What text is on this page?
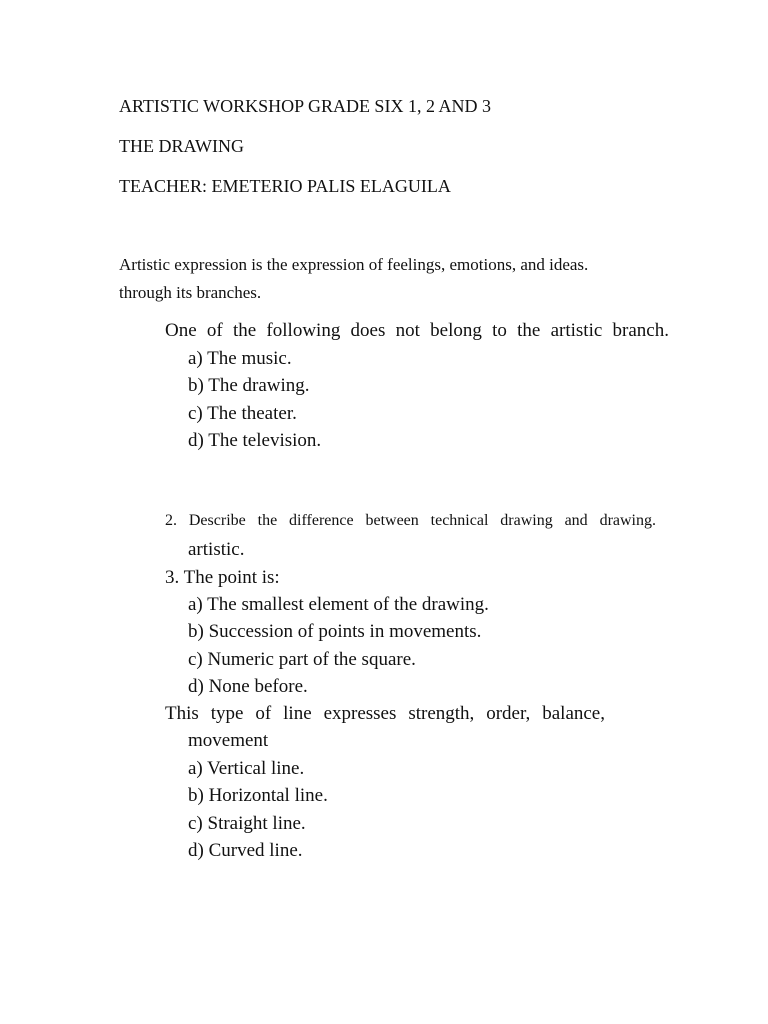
ARTISTIC WORKSHOP GRADE SIX 1, 2 AND 3
THE DRAWING
TEACHER: EMETERIO PALIS ELAGUILA
Artistic expression is the expression of feelings, emotions, and ideas.
through its branches.
One of the following does not belong to the artistic branch.
a) The music.
b) The drawing.
c) The theater.
d) The television.
2. Describe the difference between technical drawing and drawing.
artistic.
3. The point is:
a) The smallest element of the drawing.
b) Succession of points in movements.
c) Numeric part of the square.
d) None before.
This type of line expresses strength, order, balance,
movement
a) Vertical line.
b) Horizontal line.
c) Straight line.
d) Curved line.
